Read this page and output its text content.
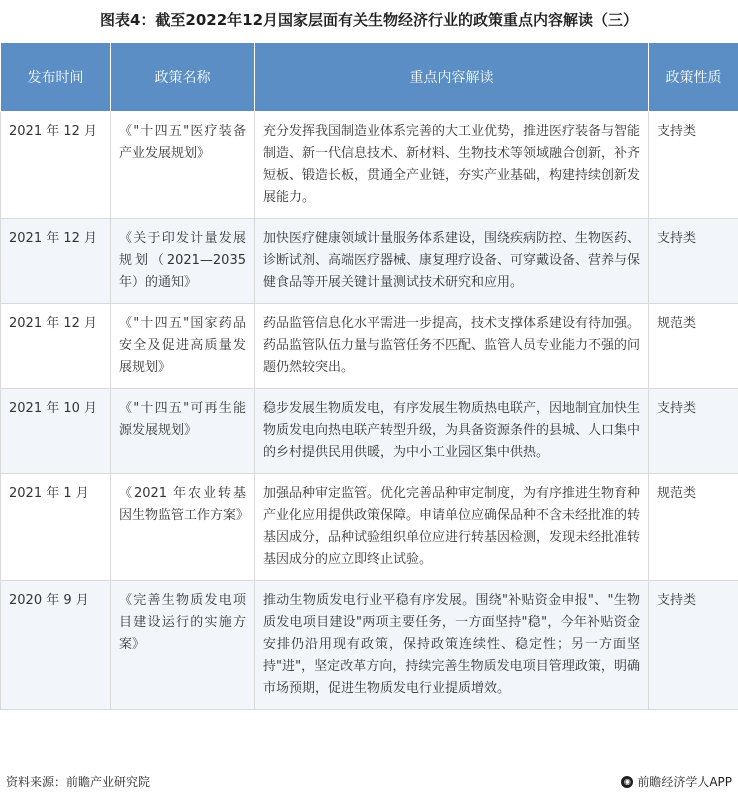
图表4：截至2022年12月国家层面有关生物经济行业的政策重点内容解读（三）
发布时间	政策名称	重点内容解读	政策性质
2021 年 12 月	《"十四五"医疗装备产业发展规划》	充分发挥我国制造业体系完善的大工业优势，推进医疗装备与智能制造、新一代信息技术、新材料、生物技术等领域融合创新，补齐短板、锻造长板，贯通全产业链，夯实产业基础，构建持续创新发展能力。	支持类
2021 年 12 月	《关于印发计量发展规划（2021—2035年）的通知》	加快医疗健康领域计量服务体系建设，围绕疾病防控、生物医药、诊断试剂、高端医疗器械、康复理疗设备、可穿戴设备、营养与保健食品等开展关键计量测试技术研究和应用。	支持类
2021 年 12 月	《"十四五"国家药品安全及促进高质量发展规划》	药品监管信息化水平需进一步提高，技术支撑体系建设有待加强。药品监管队伍力量与监管任务不匹配、监管人员专业能力不强的问题仍然较突出。	规范类
2021 年 10 月	《"十四五"可再生能源发展规划》	稳步发展生物质发电，有序发展生物质热电联产，因地制宜加快生物质发电向热电联产转型升级，为具备资源条件的县城、人口集中的乡村提供民用供暖，为中小工业园区集中供热。	支持类
2021 年 1 月	《2021 年农业转基因生物监管工作方案》	加强品种审定监管。优化完善品种审定制度，为有序推进生物育种产业化应用提供政策保障。申请单位应确保品种不含未经批准的转基因成分，品种试验组织单位应进行转基因检测，发现未经批准转基因成分的应立即终止试验。	规范类
2020 年 9 月	《完善生物质发电项目建设运行的实施方案》	推动生物质发电行业平稳有序发展。围绕"补贴资金申报"、"生物质发电项目建设"两项主要任务，一方面坚持"稳"，今年补贴资金安排仍沿用现有政策，保持政策连续性、稳定性；另一方面坚持"进"，坚定改革方向，持续完善生物质发电项目管理政策，明确市场预期，促进生物质发电行业提质增效。	支持类
资料来源：前瞻产业研究院	◉ 前瞻经济学人APP
